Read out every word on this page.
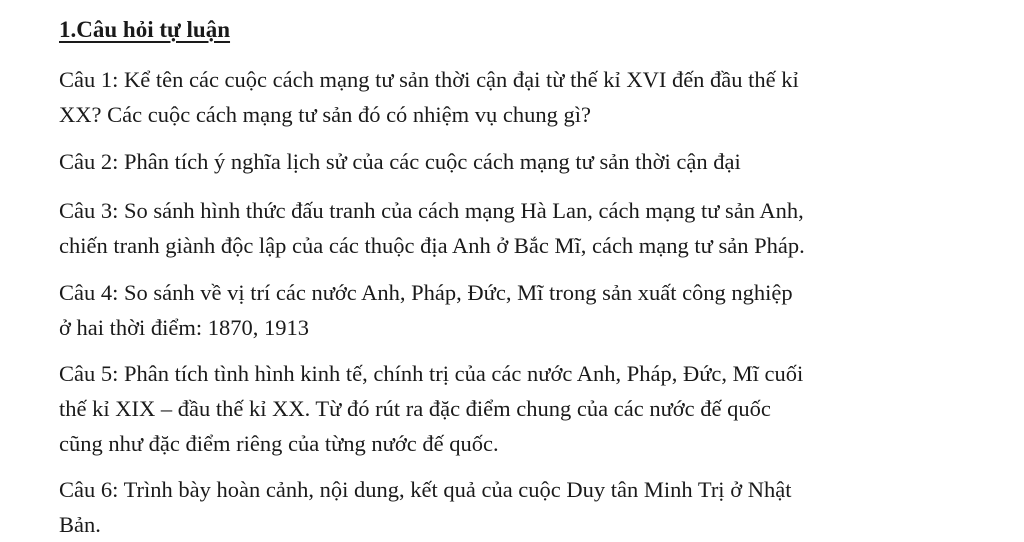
1.Câu hỏi tự luận
Câu 1: Kể tên các cuộc cách mạng tư sản thời cận đại từ thế kỉ XVI đến đầu thế kỉ
XX? Các cuộc cách mạng tư sản đó có nhiệm vụ chung gì?
Câu 2: Phân tích ý nghĩa lịch sử của các cuộc cách mạng tư sản thời cận đại
Câu 3: So sánh hình thức đấu tranh của cách mạng Hà Lan, cách mạng tư sản Anh,
chiến tranh giành độc lập của các thuộc địa Anh ở Bắc Mĩ, cách mạng tư sản Pháp.
Câu 4: So sánh về vị trí các nước Anh, Pháp, Đức, Mĩ trong sản xuất công nghiệp
ở hai thời điểm: 1870, 1913
Câu 5: Phân tích tình hình kinh tế, chính trị của các nước Anh, Pháp, Đức, Mĩ cuối
thế kỉ XIX – đầu thế kỉ XX. Từ đó rút ra đặc điểm chung của các nước đế quốc
cũng như đặc điểm riêng của từng nước đế quốc.
Câu 6: Trình bày hoàn cảnh, nội dung, kết quả của cuộc Duy tân Minh Trị ở Nhật
Bản.
